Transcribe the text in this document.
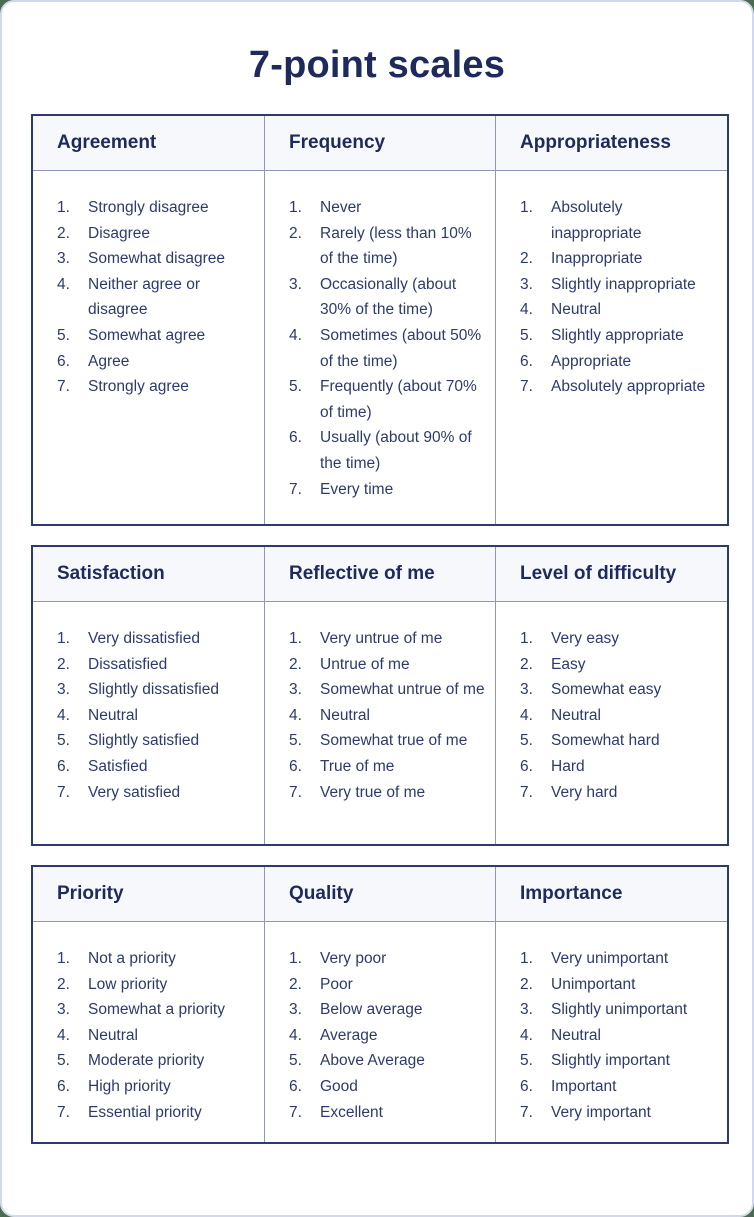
7-point scales
Agreement	Frequency	Appropriateness
1.	Strongly disagree
2.	Disagree
3.	Somewhat disagree
4.	Neither agree or disagree
5.	Somewhat agree
6.	Agree
7.	Strongly agree
1.	Never
2.	Rarely (less than 10% of the time)
3.	Occasionally (about 30% of the time)
4.	Sometimes (about 50% of the time)
5.	Frequently (about 70% of time)
6.	Usually (about 90% of the time)
7.	Every time
1.	Absolutely inappropriate
2.	Inappropriate
3.	Slightly inappropriate
4.	Neutral
5.	Slightly appropriate
6.	Appropriate
7.	Absolutely appropriate
Satisfaction	Reflective of me	Level of difficulty
1.	Very dissatisfied
2.	Dissatisfied
3.	Slightly dissatisfied
4.	Neutral
5.	Slightly satisfied
6.	Satisfied
7.	Very satisfied
1.	Very untrue of me
2.	Untrue of me
3.	Somewhat untrue of me
4.	Neutral
5.	Somewhat true of me
6.	True of me
7.	Very true of me
1.	Very easy
2.	Easy
3.	Somewhat easy
4.	Neutral
5.	Somewhat hard
6.	Hard
7.	Very hard
Priority	Quality	Importance
1.	Not a priority
2.	Low priority
3.	Somewhat a priority
4.	Neutral
5.	Moderate priority
6.	High priority
7.	Essential priority
1.	Very poor
2.	Poor
3.	Below average
4.	Average
5.	Above Average
6.	Good
7.	Excellent
1.	Very unimportant
2.	Unimportant
3.	Slightly unimportant
4.	Neutral
5.	Slightly important
6.	Important
7.	Very important
